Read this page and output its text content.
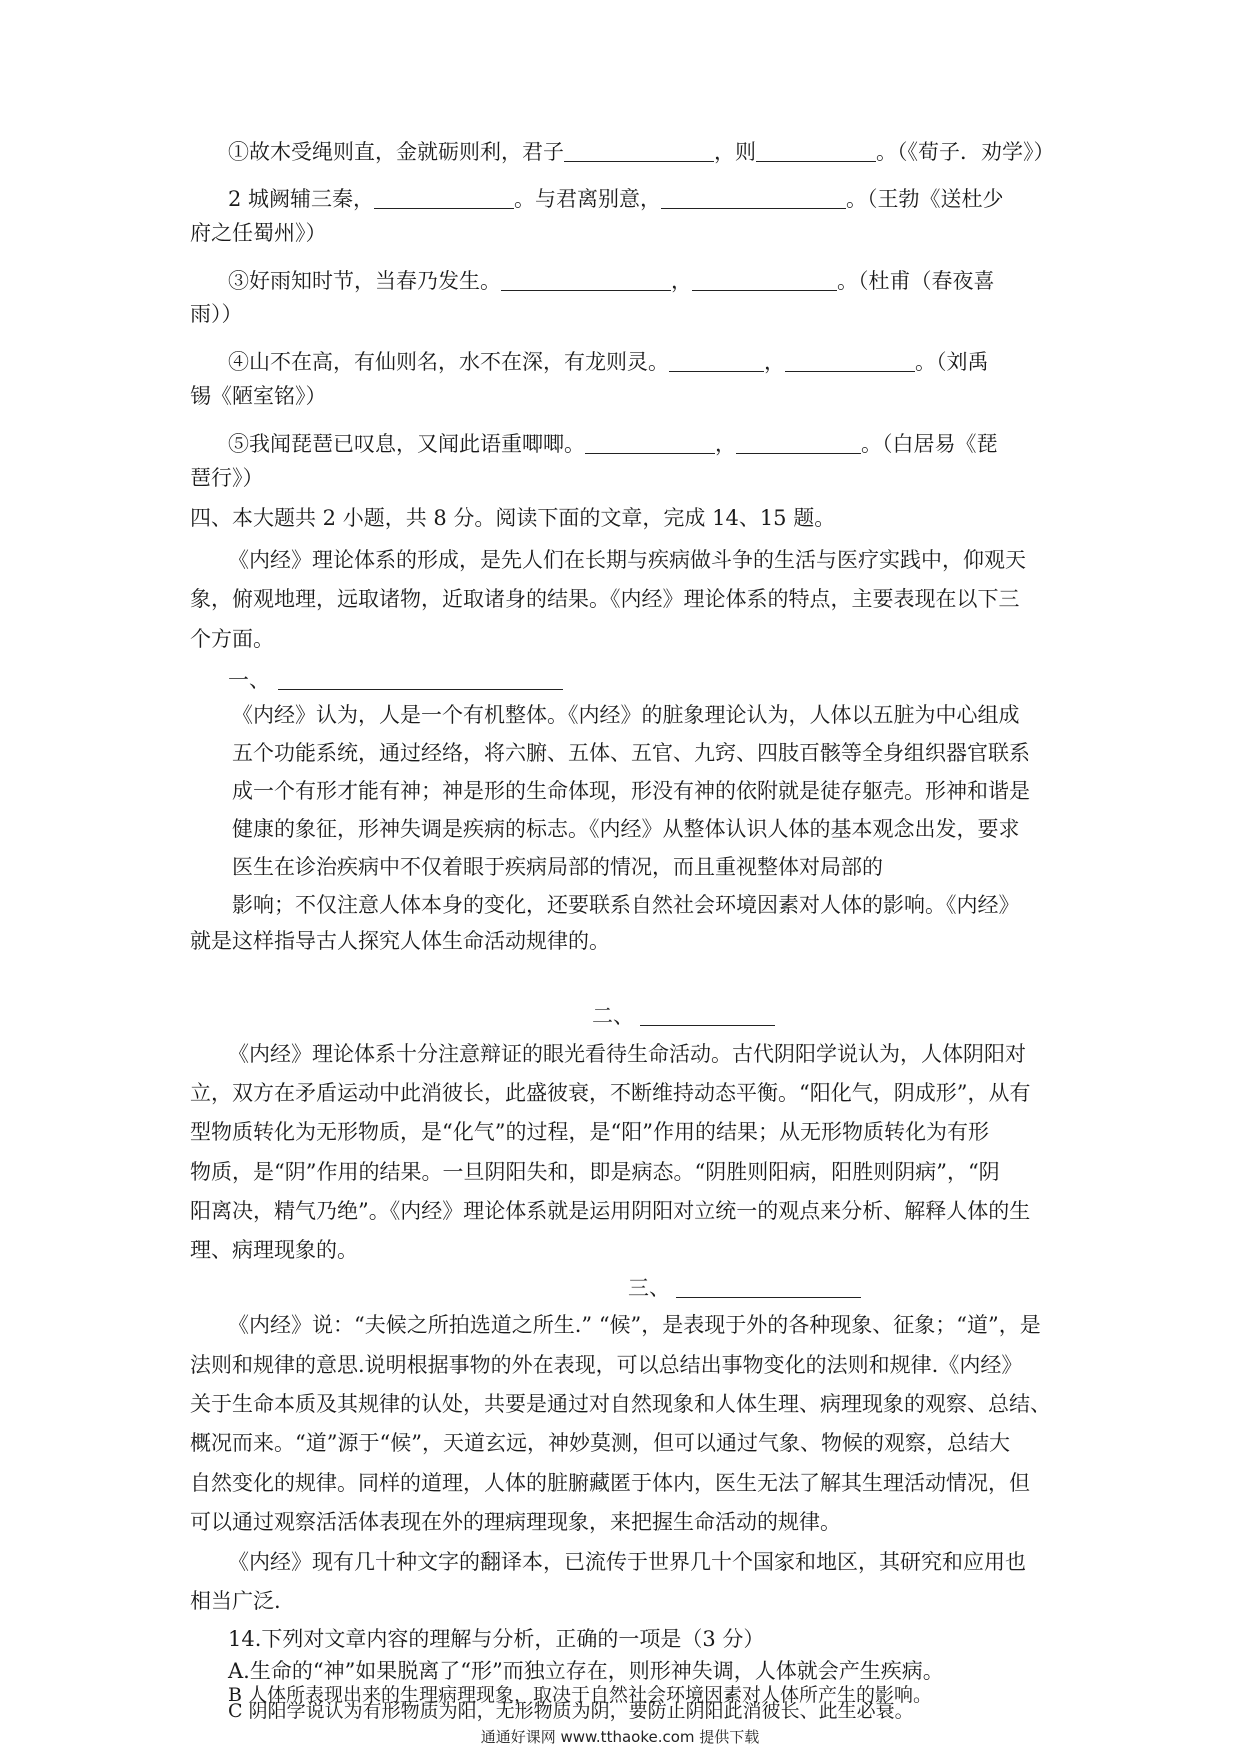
①故木受绳则直，金就砺则利，君子	，则	。（《荀子．劝学》）
2 城阙辅三秦，	。与君离别意，	。（王勃《送杜少
府之任蜀州》）
③好雨知时节，当春乃发生。	，	。（杜甫（春夜喜
雨））
④山不在高，有仙则名，水不在深，有龙则灵。	，	。（刘禹
锡《陋室铭》）
⑤我闻琵琶已叹息，又闻此语重唧唧。	，	。（白居易《琵
琶行》）
四、本大题共 2 小题，共 8 分。阅读下面的文章，完成 14、15 题。
《内经》理论体系的形成，是先人们在长期与疾病做斗争的生活与医疗实践中，仰观天
象，俯观地理，远取诸物，近取诸身的结果。《内经》理论体系的特点，主要表现在以下三
个方面。
一、
《内经》认为，人是一个有机整体。《内经》的脏象理论认为，人体以五脏为中心组成
五个功能系统，通过经络，将六腑、五体、五官、九窍、四肢百骸等全身组织器官联系
成一个有形才能有神；神是形的生命体现，形没有神的依附就是徒存躯壳。形神和谐是
健康的象征，形神失调是疾病的标志。《内经》从整体认识人体的基本观念出发，要求
医生在诊治疾病中不仅着眼于疾病局部的情况，而且重视整体对局部的
影响；不仅注意人体本身的变化，还要联系自然社会环境因素对人体的影响。《内经》
就是这样指导古人探究人体生命活动规律的。
二、
《内经》理论体系十分注意辩证的眼光看待生命活动。古代阴阳学说认为，人体阴阳对
立，双方在矛盾运动中此消彼长，此盛彼衰，不断维持动态平衡。“阳化气，阴成形”，从有
型物质转化为无形物质，是“化气”的过程，是“阳”作用的结果；从无形物质转化为有形
物质，是“阴”作用的结果。一旦阴阳失和，即是病态。“阴胜则阳病，阳胜则阴病”，“阴
阳离决，精气乃绝”。《内经》理论体系就是运用阴阳对立统一的观点来分析、解释人体的生
理、病理现象的。
三、
《内经》说：“夫候之所拍选道之所生.” “候”，是表现于外的各种现象、征象；“道”，是
法则和规律的意思.说明根据事物的外在表现，可以总结出事物变化的法则和规律.《内经》
关于生命本质及其规律的认处，共要是通过对自然现象和人体生理、病理现象的观察、总结、
概况而来。“道”源于“候”，天道玄远，神妙莫测，但可以通过气象、物候的观察，总结大
自然变化的规律。同样的道理，人体的脏腑藏匿于体内，医生无法了解其生理活动情况，但
可以通过观察活活体表现在外的理病理现象，来把握生命活动的规律。
《内经》现有几十种文字的翻译本，已流传于世界几十个国家和地区，其研究和应用也
相当广泛.
14.下列对文章内容的理解与分析，正确的一项是（3 分）
A.生命的“神”如果脱离了“形”而独立存在，则形神失调，人体就会产生疾病。
通通好课网 www.tthaoke.com 提供下载
B 人体所表现出来的生理病理现象，取决于自然社会环境因素对人体所产生的影响。
C 阴阳学说认为有形物质为阳，无形物质为阴，要防止阴阳此消彼长、此生必衰。
